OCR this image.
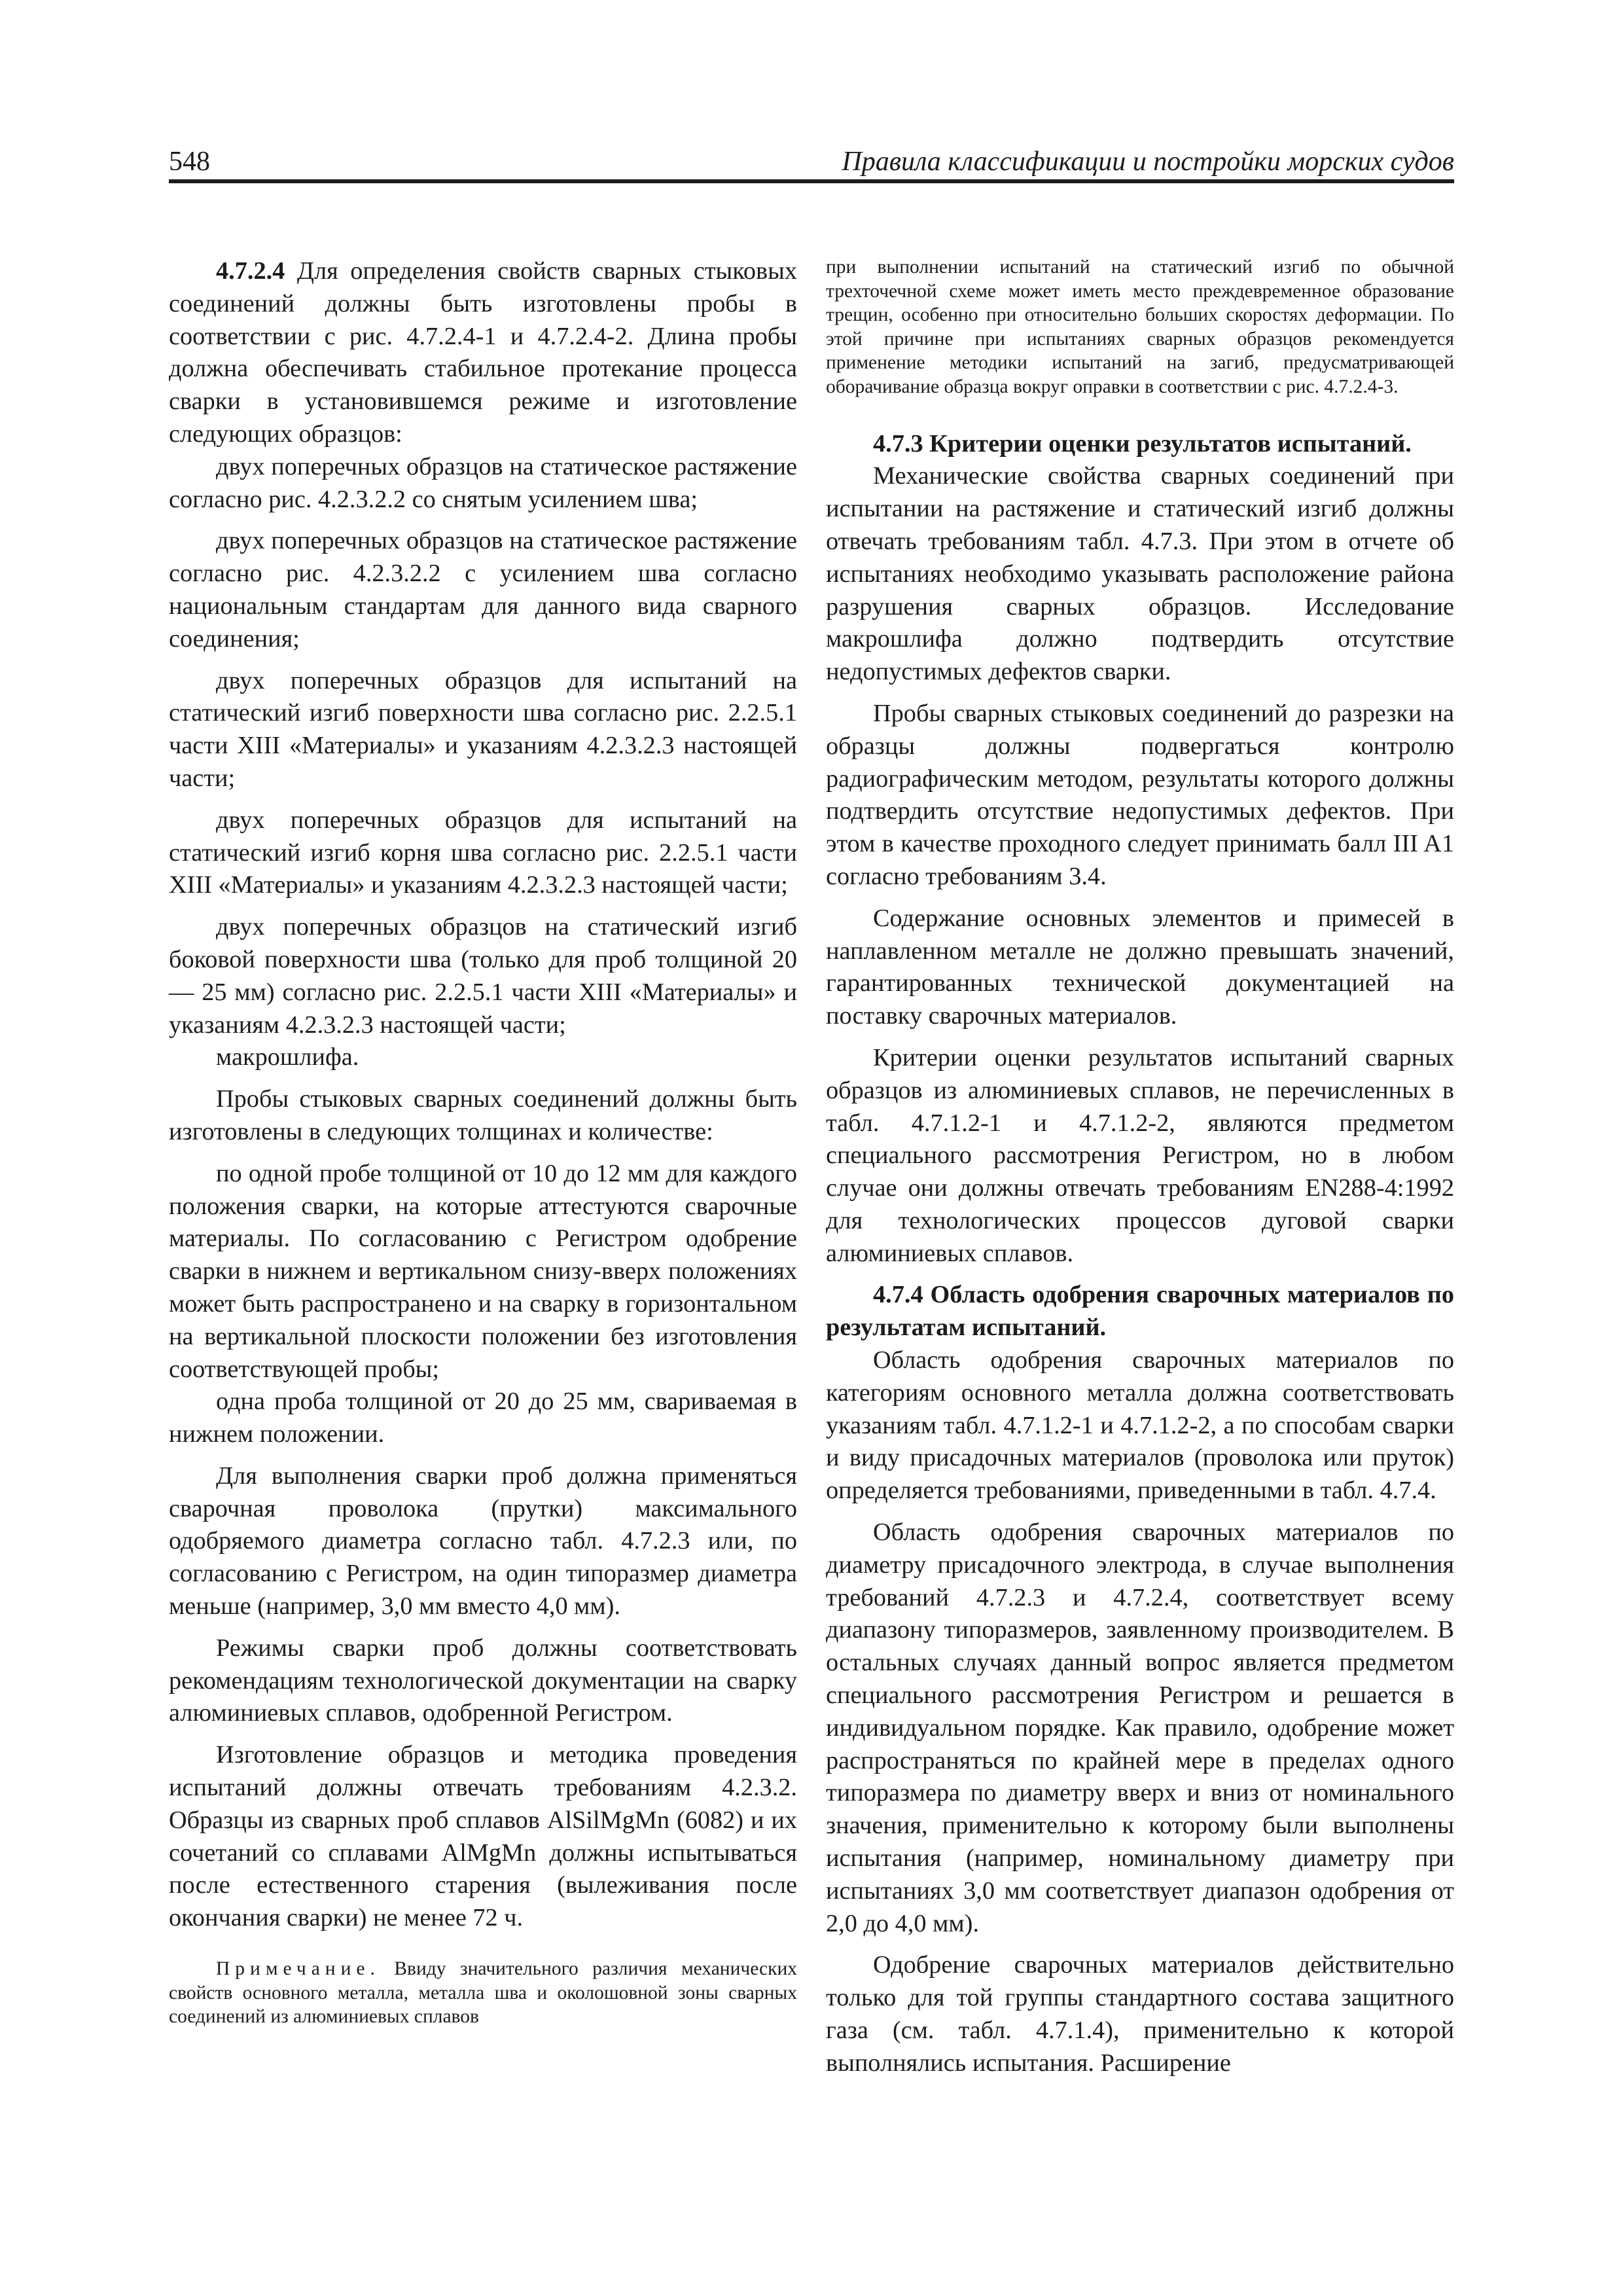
548	Правила классификации и постройки морских судов

4.7.2.4 Для определения свойств сварных стыковых соединений должны быть изготовлены пробы в соответствии с рис. 4.7.2.4-1 и 4.7.2.4-2. Длина пробы должна обеспечивать стабильное протекание процесса сварки в установившемся режиме и изготовление следующих образцов:

двух поперечных образцов на статическое растяжение согласно рис. 4.2.3.2.2 со снятым усилением шва;

двух поперечных образцов на статическое растяжение согласно рис. 4.2.3.2.2 с усилением шва согласно национальным стандартам для данного вида сварного соединения;

двух поперечных образцов для испытаний на статический изгиб поверхности шва согласно рис. 2.2.5.1 части XIII «Материалы» и указаниям 4.2.3.2.3 настоящей части;

двух поперечных образцов для испытаний на статический изгиб корня шва согласно рис. 2.2.5.1 части XIII «Материалы» и указаниям 4.2.3.2.3 настоящей части;

двух поперечных образцов на статический изгиб боковой поверхности шва (только для проб толщиной 20 — 25 мм) согласно рис. 2.2.5.1 части XIII «Материалы» и указаниям 4.2.3.2.3 настоящей части;

макрошлифа.

Пробы стыковых сварных соединений должны быть изготовлены в следующих толщинах и количестве:

по одной пробе толщиной от 10 до 12 мм для каждого положения сварки, на которые аттестуются сварочные материалы. По согласованию с Регистром одобрение сварки в нижнем и вертикальном снизу-вверх положениях может быть распространено и на сварку в горизонтальном на вертикальной плоскости положении без изготовления соответствующей пробы;

одна проба толщиной от 20 до 25 мм, свариваемая в нижнем положении.

Для выполнения сварки проб должна применяться сварочная проволока (прутки) максимального одобряемого диаметра согласно табл. 4.7.2.3 или, по согласованию с Регистром, на один типоразмер диаметра меньше (например, 3,0 мм вместо 4,0 мм).

Режимы сварки проб должны соответствовать рекомендациям технологической документации на сварку алюминиевых сплавов, одобренной Регистром.

Изготовление образцов и методика проведения испытаний должны отвечать требованиям 4.2.3.2. Образцы из сварных проб сплавов AlSilMgMn (6082) и их сочетаний со сплавами AlMgMn должны испытываться после естественного старения (вылеживания после окончания сварки) не менее 72 ч.

Примечание. Ввиду значительного различия механических свойств основного металла, металла шва и околошовной зоны сварных соединений из алюминиевых сплавов

при выполнении испытаний на статический изгиб по обычной трехточечной схеме может иметь место преждевременное образование трещин, особенно при относительно больших скоростях деформации. По этой причине при испытаниях сварных образцов рекомендуется применение методики испытаний на загиб, предусматривающей оборачивание образца вокруг оправки в соответствии с рис. 4.7.2.4-3.

4.7.3 Критерии оценки результатов испытаний.

Механические свойства сварных соединений при испытании на растяжение и статический изгиб должны отвечать требованиям табл. 4.7.3. При этом в отчете об испытаниях необходимо указывать расположение района разрушения сварных образцов. Исследование макрошлифа должно подтвердить отсутствие недопустимых дефектов сварки.

Пробы сварных стыковых соединений до разрезки на образцы должны подвергаться контролю радиографическим методом, результаты которого должны подтвердить отсутствие недопустимых дефектов. При этом в качестве проходного следует принимать балл III A1 согласно требованиям 3.4.

Содержание основных элементов и примесей в наплавленном металле не должно превышать значений, гарантированных технической документацией на поставку сварочных материалов.

Критерии оценки результатов испытаний сварных образцов из алюминиевых сплавов, не перечисленных в табл. 4.7.1.2-1 и 4.7.1.2-2, являются предметом специального рассмотрения Регистром, но в любом случае они должны отвечать требованиям EN288-4:1992 для технологических процессов дуговой сварки алюминиевых сплавов.

4.7.4 Область одобрения сварочных материалов по результатам испытаний.

Область одобрения сварочных материалов по категориям основного металла должна соответствовать указаниям табл. 4.7.1.2-1 и 4.7.1.2-2, а по способам сварки и виду присадочных материалов (проволока или пруток) определяется требованиями, приведенными в табл. 4.7.4.

Область одобрения сварочных материалов по диаметру присадочного электрода, в случае выполнения требований 4.7.2.3 и 4.7.2.4, соответствует всему диапазону типоразмеров, заявленному производителем. В остальных случаях данный вопрос является предметом специального рассмотрения Регистром и решается в индивидуальном порядке. Как правило, одобрение может распространяться по крайней мере в пределах одного типоразмера по диаметру вверх и вниз от номинального значения, применительно к которому были выполнены испытания (например, номинальному диаметру при испытаниях 3,0 мм соответствует диапазон одобрения от 2,0 до 4,0 мм).

Одобрение сварочных материалов действительно только для той группы стандартного состава защитного газа (см. табл. 4.7.1.4), применительно к которой выполнялись испытания. Расширение
